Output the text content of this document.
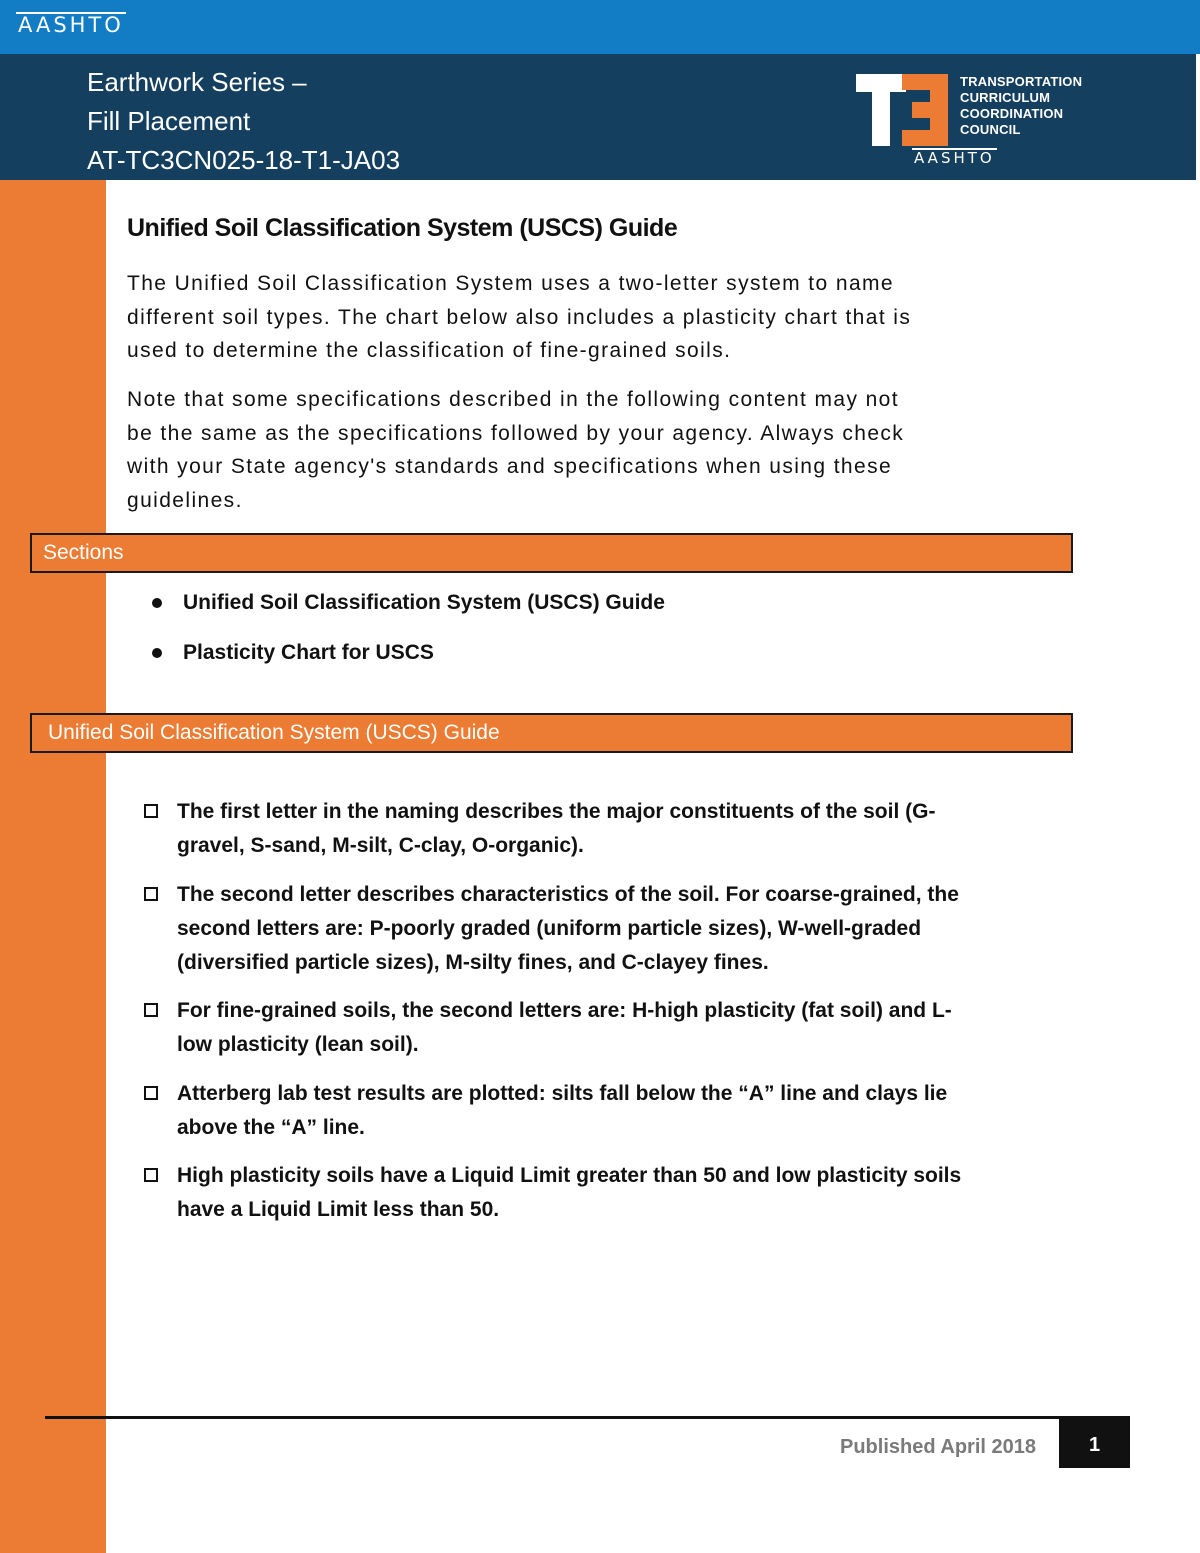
AASHTO
Earthwork Series –
Fill Placement
AT-TC3CN025-18-T1-JA03
TRANSPORTATION
CURRICULUM
COORDINATION
COUNCIL
AASHTO
Unified Soil Classification System (USCS) Guide
The Unified Soil Classification System uses a two-letter system to name
different soil types. The chart below also includes a plasticity chart that is
used to determine the classification of fine-grained soils.
Note that some specifications described in the following content may not
be the same as the specifications followed by your agency. Always check
with your State agency's standards and specifications when using these
guidelines.
Sections
Unified Soil Classification System (USCS) Guide
Plasticity Chart for USCS
Unified Soil Classification System (USCS) Guide
The first letter in the naming describes the major constituents of the soil (G-
gravel, S-sand, M-silt, C-clay, O-organic).
The second letter describes characteristics of the soil. For coarse-grained, the
second letters are: P-poorly graded (uniform particle sizes), W-well-graded
(diversified particle sizes), M-silty fines, and C-clayey fines.
For fine-grained soils, the second letters are: H-high plasticity (fat soil) and L-
low plasticity (lean soil).
Atterberg lab test results are plotted: silts fall below the “A” line and clays lie
above the “A” line.
High plasticity soils have a Liquid Limit greater than 50 and low plasticity soils
have a Liquid Limit less than 50.
Published April 2018	1
